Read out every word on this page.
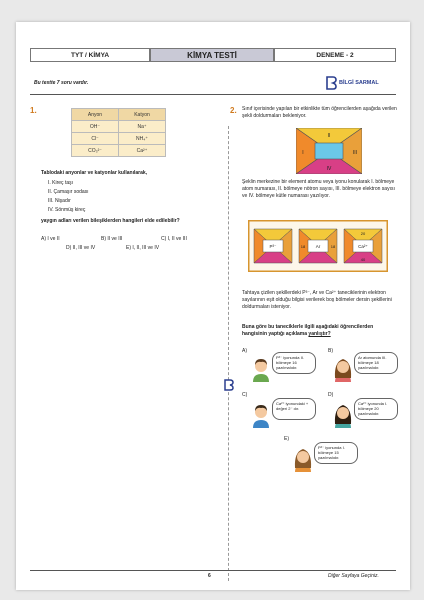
TYT / KİMYA	KİMYA TESTİ	DENEME - 2
Bu testte 7 soru vardır.	BİLGİ SARMAL
1.	Anyon	Katyon
OH⁻	Na⁺
Cl⁻	NH₄⁺
CO₃²⁻	Ca²⁺
Tablodaki anyonlar ve katyonlar kullanılarak,
I. Kireç taşı
II. Çamaşır sodası
III. Nişadır
IV. Sönmüş kireç
yaygın adları verilen bileşiklerden hangileri elde edilebilir?
A) I ve II	B) II ve III	C) I, II ve III
D) II, III ve IV	E) I, II, III ve IV
2. Sınıf içerisinde yapılan bir etkinlikte tüm öğrencilerden aşağıda verilen şekli doldurmaları bekleniyor.
II
I	III
IV
Şeklin merkezine bir element atomu veya iyonu konularak I. bölmeye atom numarası, II. bölmeye nötron sayısı, III. bölmeye elektron sayısı ve IV. bölmeye kütle numarası yazılıyor.
P³⁻	Ar
18	18	Ca²⁺
20
40
Tahtaya çizilen şekillerdeki P³⁻, Ar ve Ca²⁺ taneciklerinin elektron sayılarının eşit olduğu bilgisi verilerek boş bölmeler dersin şekillerini doldurmaları isteniyor.
Buna göre bu taneciklerle ilgili aşağıdaki öğrencilerden hangisinin yaptığı açıklama yanlıştır?
A)
P³⁻ iyonunda II. bölmeye 16 yazılmalıdır.
B)
Ar atomunda III. bölmeye 18 yazılmalıdır.
C)
Ca²⁺ iyonundaki + değeri 2⁻ dır.
D)
Ca²⁺ iyonunda I. bölmeye 20 yazılmalıdır.
E)
P³⁻ iyonunda I. bölmeye 15 yazılmalıdır.
6	Diğer Sayfaya Geçiniz.
